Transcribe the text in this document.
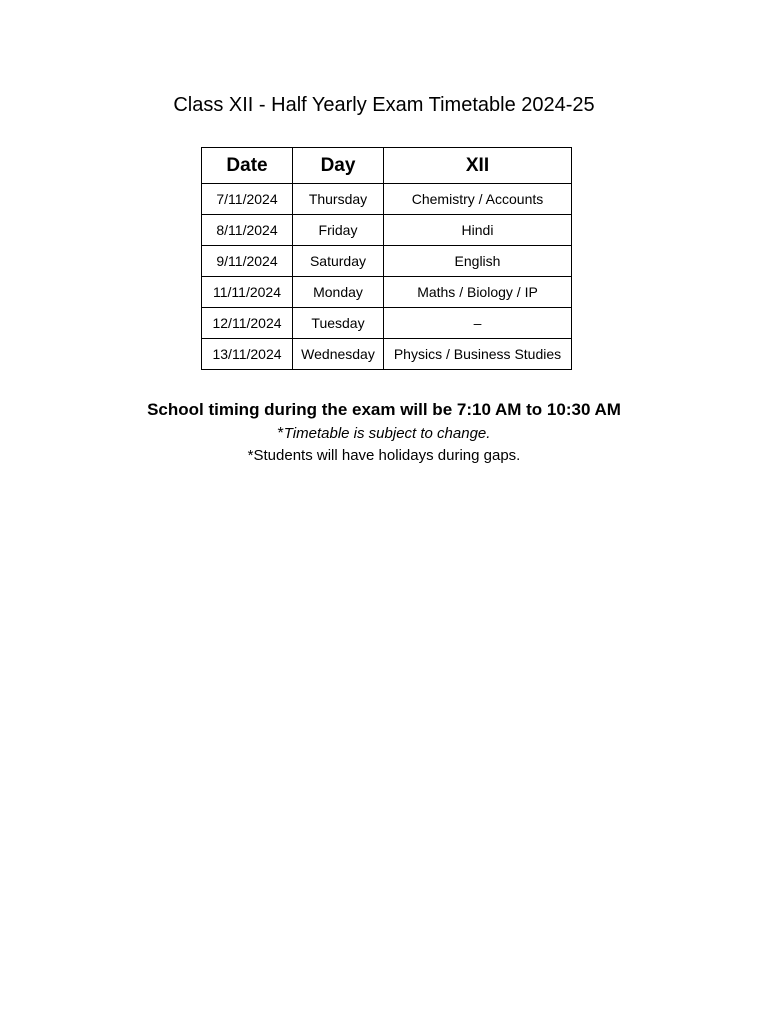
Class XII - Half Yearly Exam Timetable 2024-25
Date	Day	XII
7/11/2024	Thursday	Chemistry / Accounts
8/11/2024	Friday	Hindi
9/11/2024	Saturday	English
11/11/2024	Monday	Maths / Biology / IP
12/11/2024	Tuesday	–
13/11/2024	Wednesday	Physics / Business Studies
School timing during the exam will be 7:10 AM to 10:30 AM
*Timetable is subject to change.
*Students will have holidays during gaps.
